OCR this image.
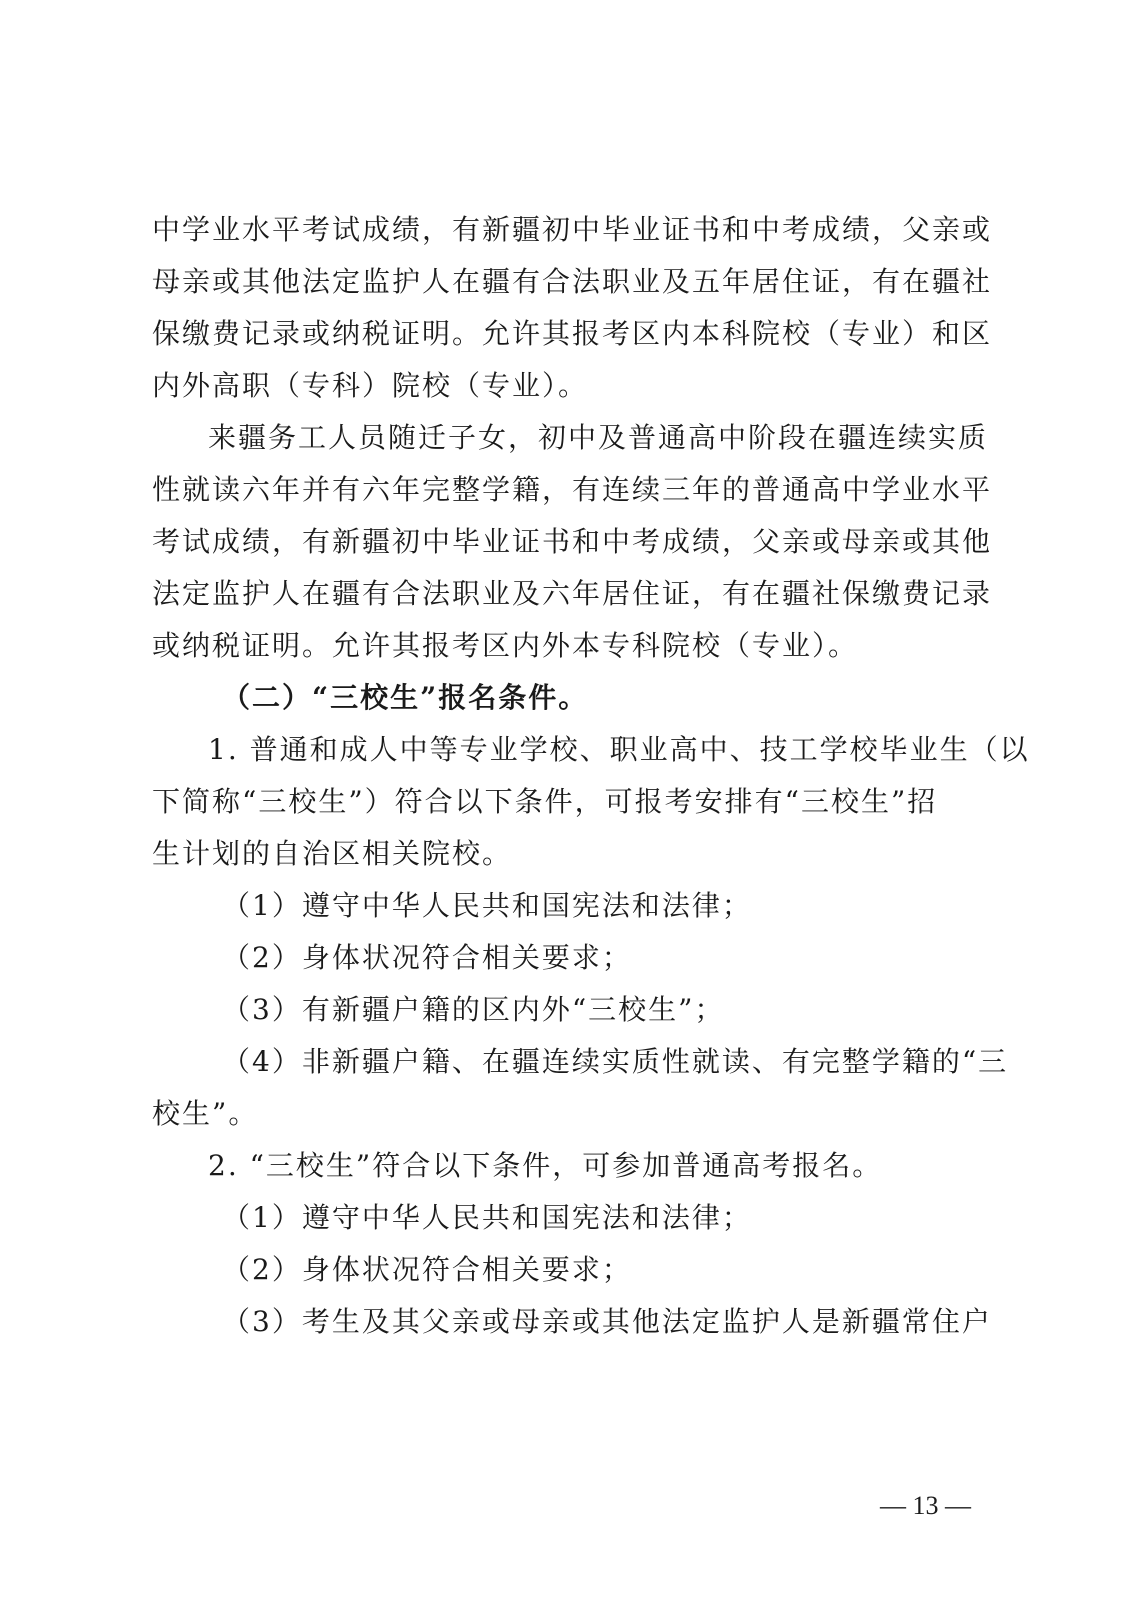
中学业水平考试成绩，有新疆初中毕业证书和中考成绩，父亲或
母亲或其他法定监护人在疆有合法职业及五年居住证，有在疆社
保缴费记录或纳税证明。允许其报考区内本科院校（专业）和区
内外高职（专科）院校（专业）。
来疆务工人员随迁子女，初中及普通高中阶段在疆连续实质
性就读六年并有六年完整学籍，有连续三年的普通高中学业水平
考试成绩，有新疆初中毕业证书和中考成绩，父亲或母亲或其他
法定监护人在疆有合法职业及六年居住证，有在疆社保缴费记录
或纳税证明。允许其报考区内外本专科院校（专业）。
（二）“三校生”报名条件。
1. 普通和成人中等专业学校、职业高中、技工学校毕业生（以
下简称“三校生”）符合以下条件，可报考安排有“三校生”招
生计划的自治区相关院校。
（1）遵守中华人民共和国宪法和法律；
（2）身体状况符合相关要求；
（3）有新疆户籍的区内外“三校生”；
（4）非新疆户籍、在疆连续实质性就读、有完整学籍的“三
校生”。
2. “三校生”符合以下条件，可参加普通高考报名。
（1）遵守中华人民共和国宪法和法律；
（2）身体状况符合相关要求；
（3）考生及其父亲或母亲或其他法定监护人是新疆常住户
— 13 —
